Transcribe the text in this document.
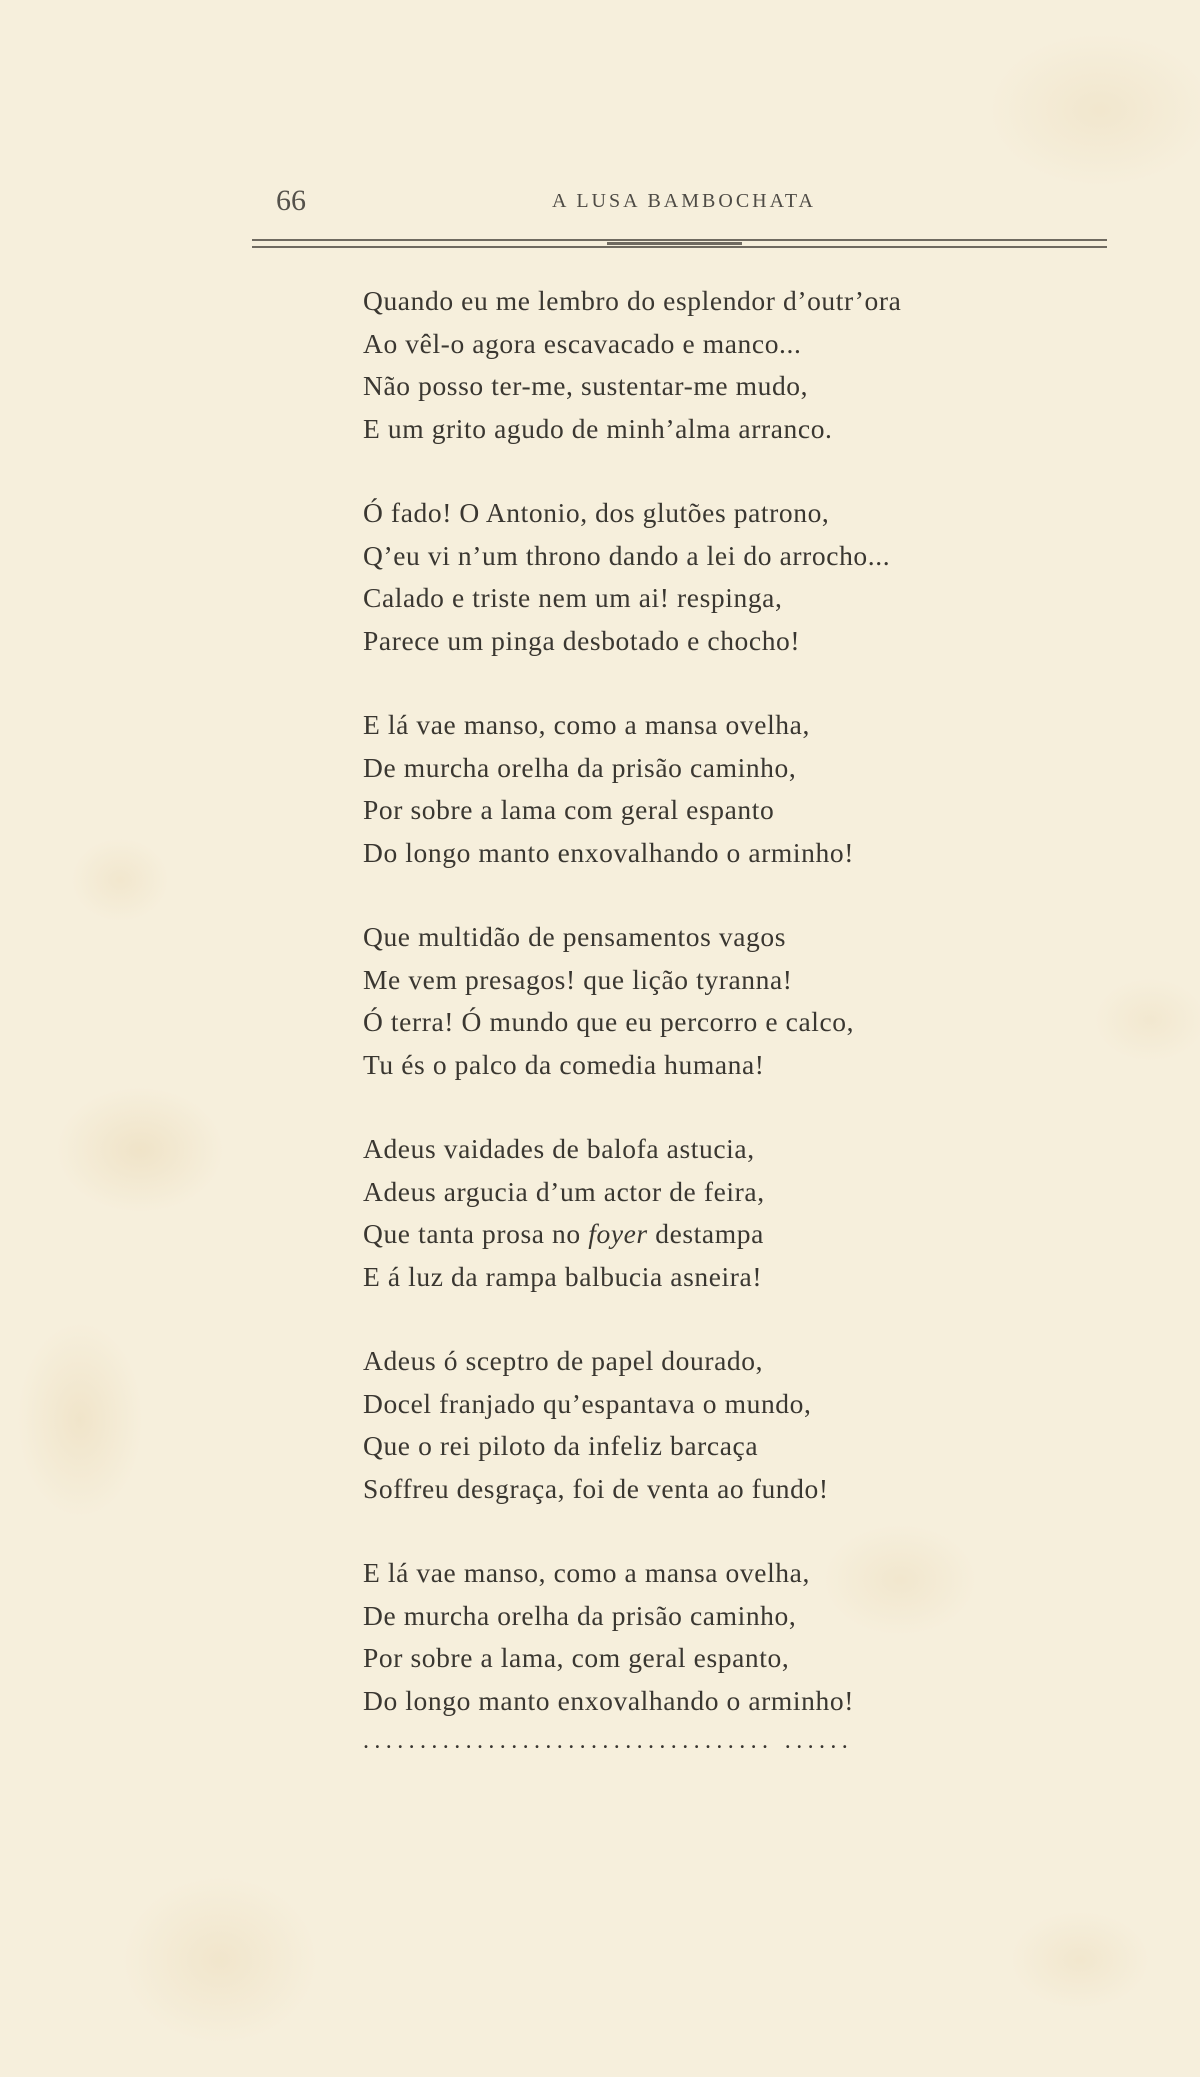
66	A LUSA BAMBOCHATA
Quando eu me lembro do esplendor d’outr’ora
Ao vêl-o agora escavacado e manco...
Não posso ter-me, sustentar-me mudo,
E um grito agudo de minh’alma arranco.
Ó fado! O Antonio, dos glutões patrono,
Q’eu vi n’um throno dando a lei do arrocho...
Calado e triste nem um ai! respinga,
Parece um pinga desbotado e chocho!
E lá vae manso, como a mansa ovelha,
De murcha orelha da prisão caminho,
Por sobre a lama com geral espanto
Do longo manto enxovalhando o arminho!
Que multidão de pensamentos vagos
Me vem presagos! que lição tyranna!
Ó terra! Ó mundo que eu percorro e calco,
Tu és o palco da comedia humana!
Adeus vaidades de balofa astucia,
Adeus argucia d’um actor de feira,
Que tanta prosa no foyer destampa
E á luz da rampa balbucia asneira!
Adeus ó sceptro de papel dourado,
Docel franjado qu’espantava o mundo,
Que o rei piloto da infeliz barcaça
Soffreu desgraça, foi de venta ao fundo!
E lá vae manso, como a mansa ovelha,
De murcha orelha da prisão caminho,
Por sobre a lama, com geral espanto,
Do longo manto enxovalhando o arminho!
.................................... ......
